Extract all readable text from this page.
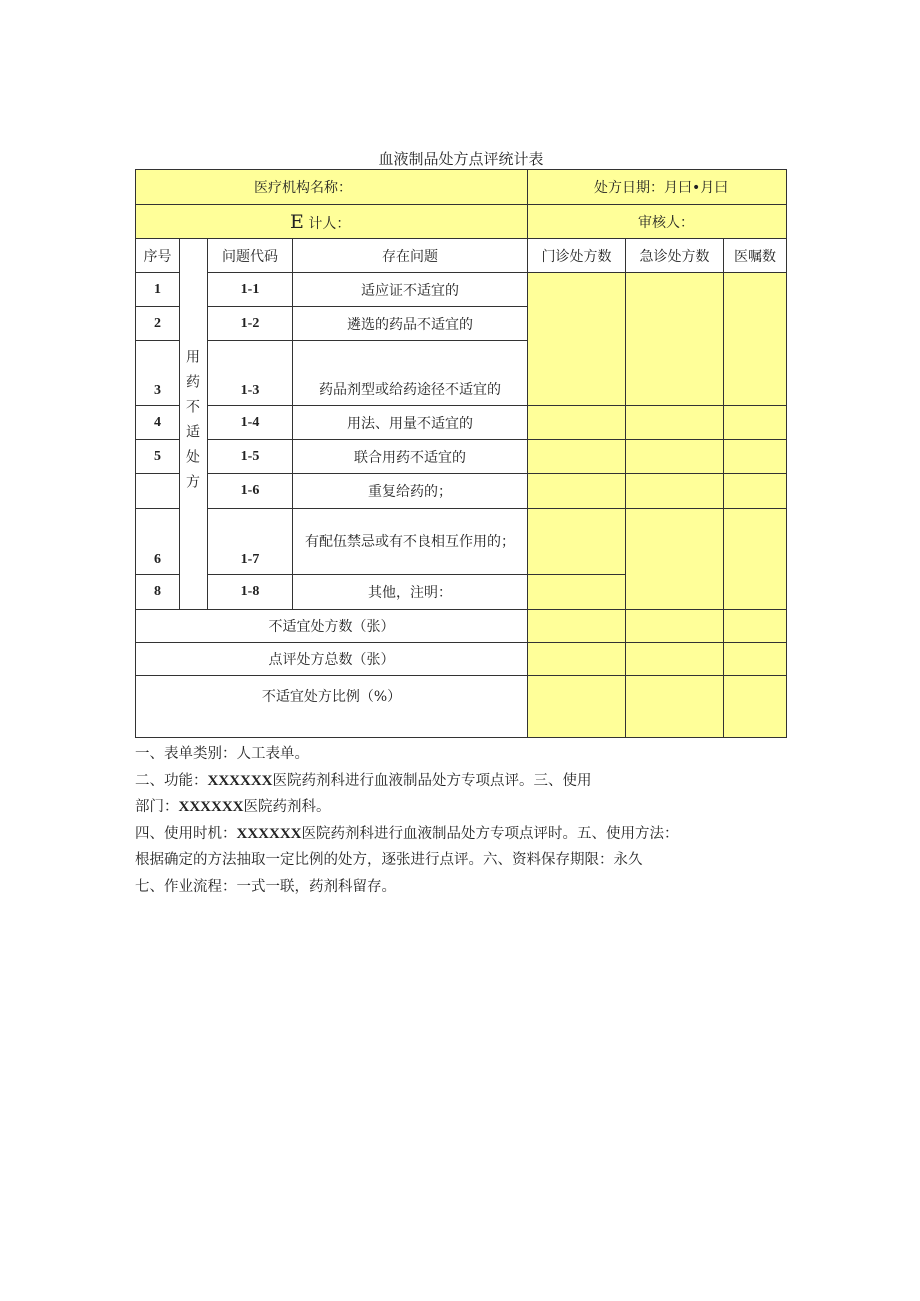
血液制品处方点评统计表
医疗机构名称：				处方日期：月曰•月曰		
E 计人：				审核人：		
序号	用药不适处方	问题代码	存在问题	门诊处方数	急诊处方数	医嘱数
1		1-1	适应证不适宜的			
2		1-2	遴选的药品不适宜的			
3		1-3	药品剂型或给药途径不适宜的			
4		1-4	用法、用量不适宜的			
5		1-5	联合用药不适宜的			
		1-6	重复给药的；			
6		1-7	有配伍禁忌或有不良相互作用的；			
8		1-8	其他，注明：			
不适宜处方数（张）						
点评处方总数（张）						
不适宜处方比例（%）						

一、表单类别：人工表单。

二、功能：XXXXXX医院药剂科进行血液制品处方专项点评。三、使用

部门：XXXXXX医院药剂科。

四、使用时机：XXXXXX医院药剂科进行血液制品处方专项点评时。五、使用方法：

根据确定的方法抽取一定比例的处方，逐张进行点评。六、资料保存期限：永久

七、作业流程：一式一联，药剂科留存。
